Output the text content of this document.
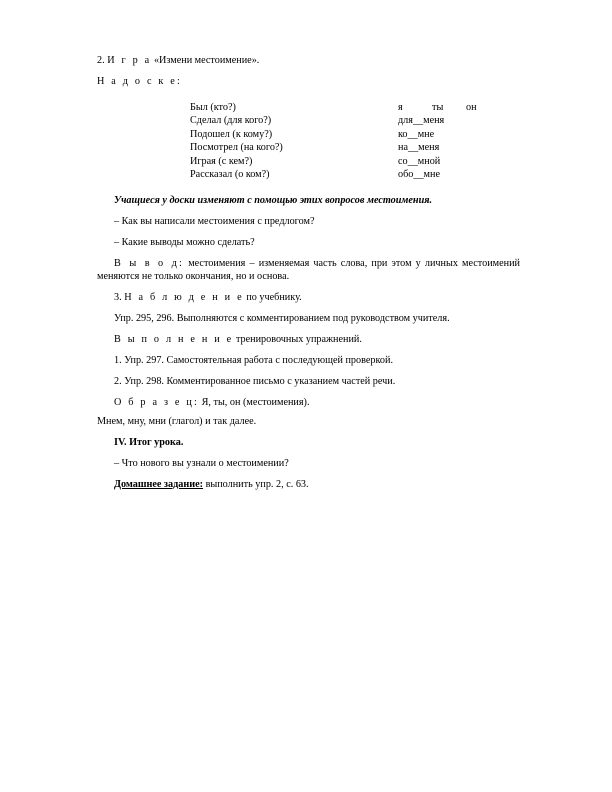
2. И г р а «Измени местоимение».

Н а д о с к е:

Был (кто?)	я ты он
Сделал (для кого?)	для__меня
Подошел (к кому?)	ко__мне
Посмотрел (на кого?)	на__меня
Играя (с кем?)	со__мной
Рассказал (о ком?)	обо__мне

Учащиеся у доски изменяют с помощью этих вопросов местоимения.

– Как вы написали местоимения с предлогом?

– Какие выводы можно сделать?

В ы в о д: местоимения – изменяемая часть слова, при этом у личных местоимений меняются не только окончания, но и основа.

3. Н а б л ю д е н и е по учебнику.

Упр. 295, 296. Выполняются с комментированием под руководством учителя.

В ы п о л н е н и е тренировочных упражнений.

1. Упр. 297. Самостоятельная работа с последующей проверкой.

2. Упр. 298. Комментированное письмо с указанием частей речи.

О б р а з е ц: Я, ты, он (местоимения).

Мнем, мну, мни (глагол) и так далее.

IV. Итог урока.

– Что нового вы узнали о местоимении?

Домашнее задание: выполнить упр. 2, с. 63.
